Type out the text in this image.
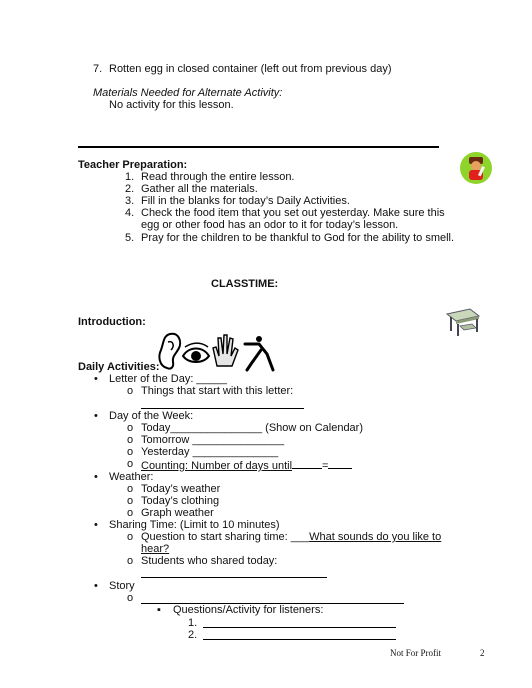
7. Rotten egg in closed container (left out from previous day)
Materials Needed for Alternate Activity:
No activity for this lesson.
Teacher Preparation:
1. Read through the entire lesson.
2. Gather all the materials.
3. Fill in the blanks for today’s Daily Activities.
4. Check the food item that you set out yesterday. Make sure this
egg or other food has an odor to it for today’s lesson.
5. Pray for the children to be thankful to God for the ability to smell.
CLASSTIME:
Introduction:
Daily Activities:
• Letter of the Day: _____
o Things that start with this letter:
• Day of the Week:
o Today_______________ (Show on Calendar)
o Tomorrow _______________
o Yesterday ______________
o Counting: Number of days until	=
• Weather:
o Today’s weather
o Today’s clothing
o Graph weather
• Sharing Time: (Limit to 10 minutes)
o Question to start sharing time: ___What sounds do you like to
hear?
o Students who shared today:
• Story
o
▪ Questions/Activity for listeners:
1.
2.
Not For Profit	2
